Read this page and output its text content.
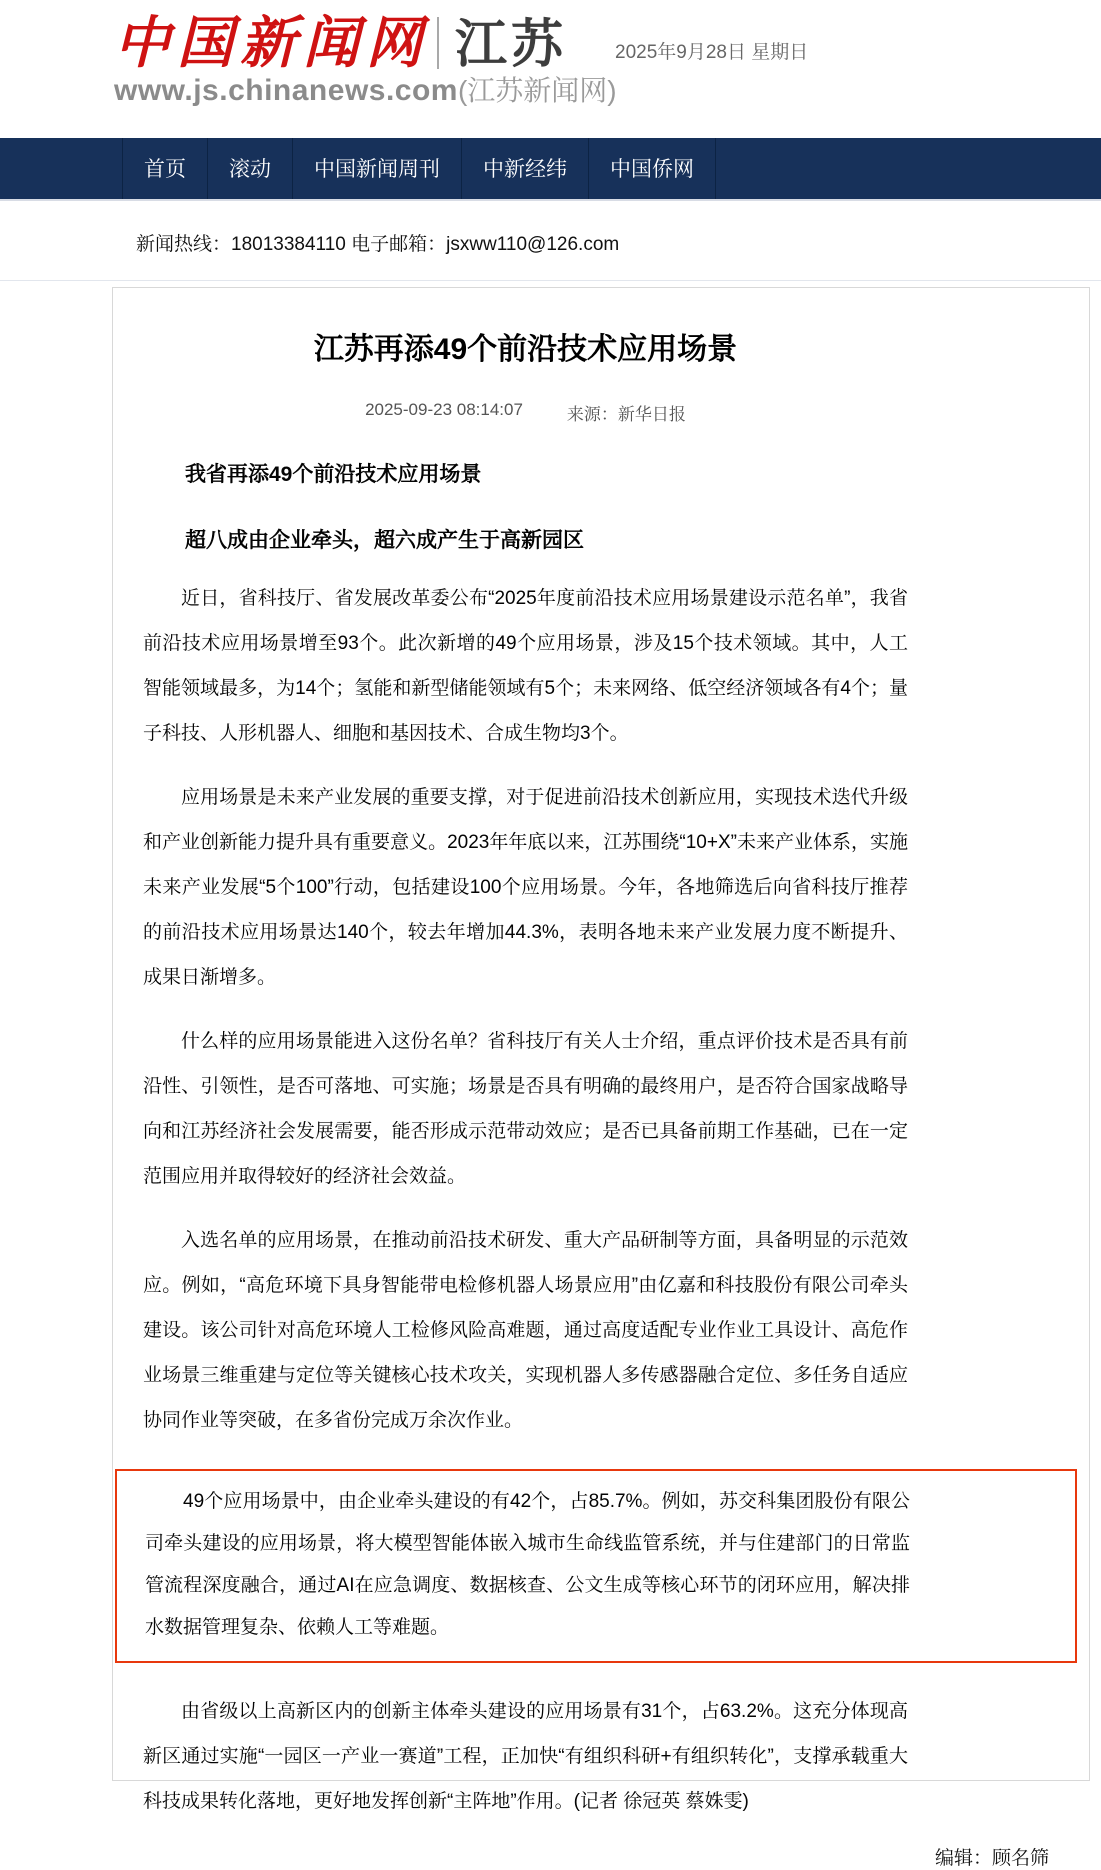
中国新闻网 江苏	2025年9月28日 星期日
www.js.chinanews.com(江苏新闻网)
首页	滚动	中国新闻周刊	中新经纬	中国侨网
新闻热线：18013384110 电子邮箱：jsxww110@126.com
江苏再添49个前沿技术应用场景
2025-09-23 08:14:07	来源：新华日报

我省再添49个前沿技术应用场景

超八成由企业牵头，超六成产生于高新园区

近日，省科技厅、省发展改革委公布“2025年度前沿技术应用场景建设示范名单”，我省前沿技术应用场景增至93个。此次新增的49个应用场景，涉及15个技术领域。其中，人工智能领域最多，为14个；氢能和新型储能领域有5个；未来网络、低空经济领域各有4个；量子科技、人形机器人、细胞和基因技术、合成生物均3个。

应用场景是未来产业发展的重要支撑，对于促进前沿技术创新应用，实现技术迭代升级和产业创新能力提升具有重要意义。2023年年底以来，江苏围绕“10+X”未来产业体系，实施未来产业发展“5个100”行动，包括建设100个应用场景。今年，各地筛选后向省科技厅推荐的前沿技术应用场景达140个，较去年增加44.3%，表明各地未来产业发展力度不断提升、成果日渐增多。

什么样的应用场景能进入这份名单？省科技厅有关人士介绍，重点评价技术是否具有前沿性、引领性，是否可落地、可实施；场景是否具有明确的最终用户，是否符合国家战略导向和江苏经济社会发展需要，能否形成示范带动效应；是否已具备前期工作基础，已在一定范围应用并取得较好的经济社会效益。

入选名单的应用场景，在推动前沿技术研发、重大产品研制等方面，具备明显的示范效应。例如，“高危环境下具身智能带电检修机器人场景应用”由亿嘉和科技股份有限公司牵头建设。该公司针对高危环境人工检修风险高难题，通过高度适配专业作业工具设计、高危作业场景三维重建与定位等关键核心技术攻关，实现机器人多传感器融合定位、多任务自适应协同作业等突破，在多省份完成万余次作业。

49个应用场景中，由企业牵头建设的有42个，占85.7%。例如，苏交科集团股份有限公司牵头建设的应用场景，将大模型智能体嵌入城市生命线监管系统，并与住建部门的日常监管流程深度融合，通过AI在应急调度、数据核查、公文生成等核心环节的闭环应用，解决排水数据管理复杂、依赖人工等难题。

由省级以上高新区内的创新主体牵头建设的应用场景有31个，占63.2%。这充分体现高新区通过实施“一园区一产业一赛道”工程，正加快“有组织科研+有组织转化”，支撑承载重大科技成果转化落地，更好地发挥创新“主阵地”作用。(记者 徐冠英 蔡姝雯)

编辑：顾名筛
